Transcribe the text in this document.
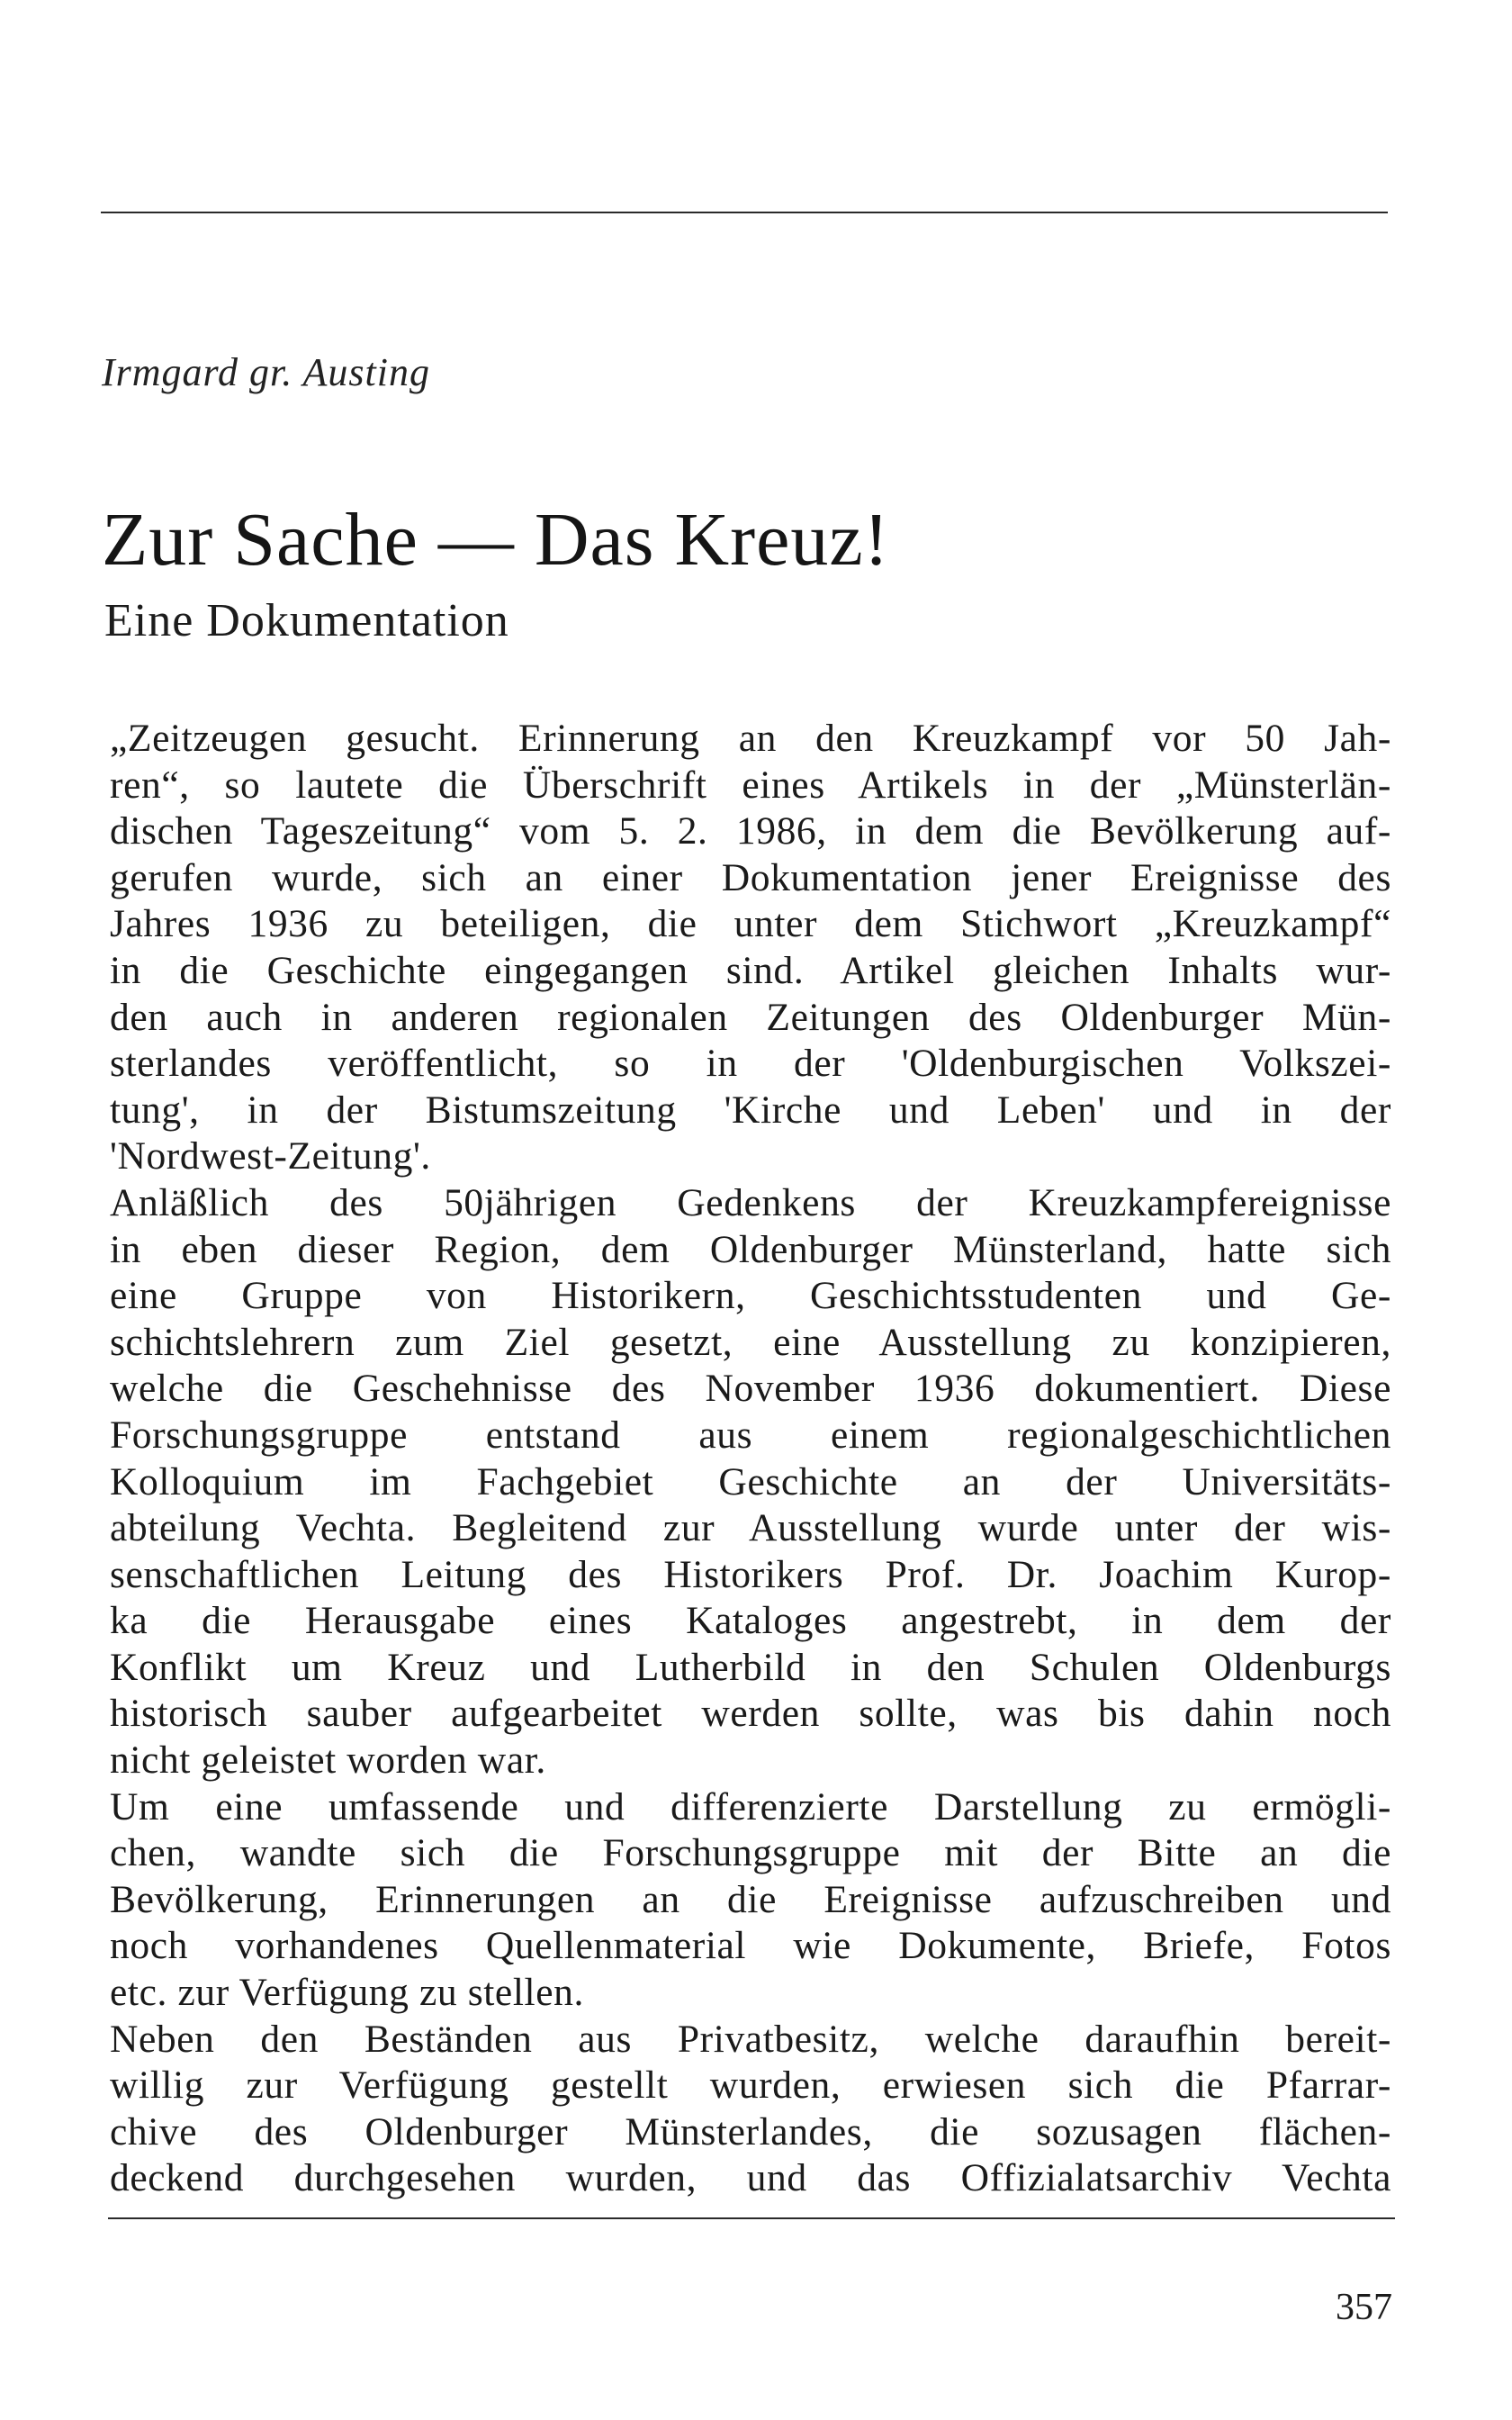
Irmgard gr. Austing
Zur Sache — Das Kreuz!
Eine Dokumentation
„Zeitzeugen gesucht. Erinnerung an den Kreuzkampf vor 50 Jah-
ren“, so lautete die Überschrift eines Artikels in der „Münsterlän-
dischen Tageszeitung“ vom 5. 2. 1986, in dem die Bevölkerung auf-
gerufen wurde, sich an einer Dokumentation jener Ereignisse des
Jahres 1936 zu beteiligen, die unter dem Stichwort „Kreuzkampf“
in die Geschichte eingegangen sind. Artikel gleichen Inhalts wur-
den auch in anderen regionalen Zeitungen des Oldenburger Mün-
sterlandes veröffentlicht, so in der 'Oldenburgischen Volkszei-
tung', in der Bistumszeitung 'Kirche und Leben' und in der
'Nordwest-Zeitung'.
Anläßlich des 50jährigen Gedenkens der Kreuzkampfereignisse
in eben dieser Region, dem Oldenburger Münsterland, hatte sich
eine Gruppe von Historikern, Geschichtsstudenten und Ge-
schichtslehrern zum Ziel gesetzt, eine Ausstellung zu konzipieren,
welche die Geschehnisse des November 1936 dokumentiert. Diese
Forschungsgruppe entstand aus einem regionalgeschichtlichen
Kolloquium im Fachgebiet Geschichte an der Universitäts-
abteilung Vechta. Begleitend zur Ausstellung wurde unter der wis-
senschaftlichen Leitung des Historikers Prof. Dr. Joachim Kurop-
ka die Herausgabe eines Kataloges angestrebt, in dem der
Konflikt um Kreuz und Lutherbild in den Schulen Oldenburgs
historisch sauber aufgearbeitet werden sollte, was bis dahin noch
nicht geleistet worden war.
Um eine umfassende und differenzierte Darstellung zu ermögli-
chen, wandte sich die Forschungsgruppe mit der Bitte an die
Bevölkerung, Erinnerungen an die Ereignisse aufzuschreiben und
noch vorhandenes Quellenmaterial wie Dokumente, Briefe, Fotos
etc. zur Verfügung zu stellen.
Neben den Beständen aus Privatbesitz, welche daraufhin bereit-
willig zur Verfügung gestellt wurden, erwiesen sich die Pfarrar-
chive des Oldenburger Münsterlandes, die sozusagen flächen-
deckend durchgesehen wurden, und das Offizialatsarchiv Vechta
357
